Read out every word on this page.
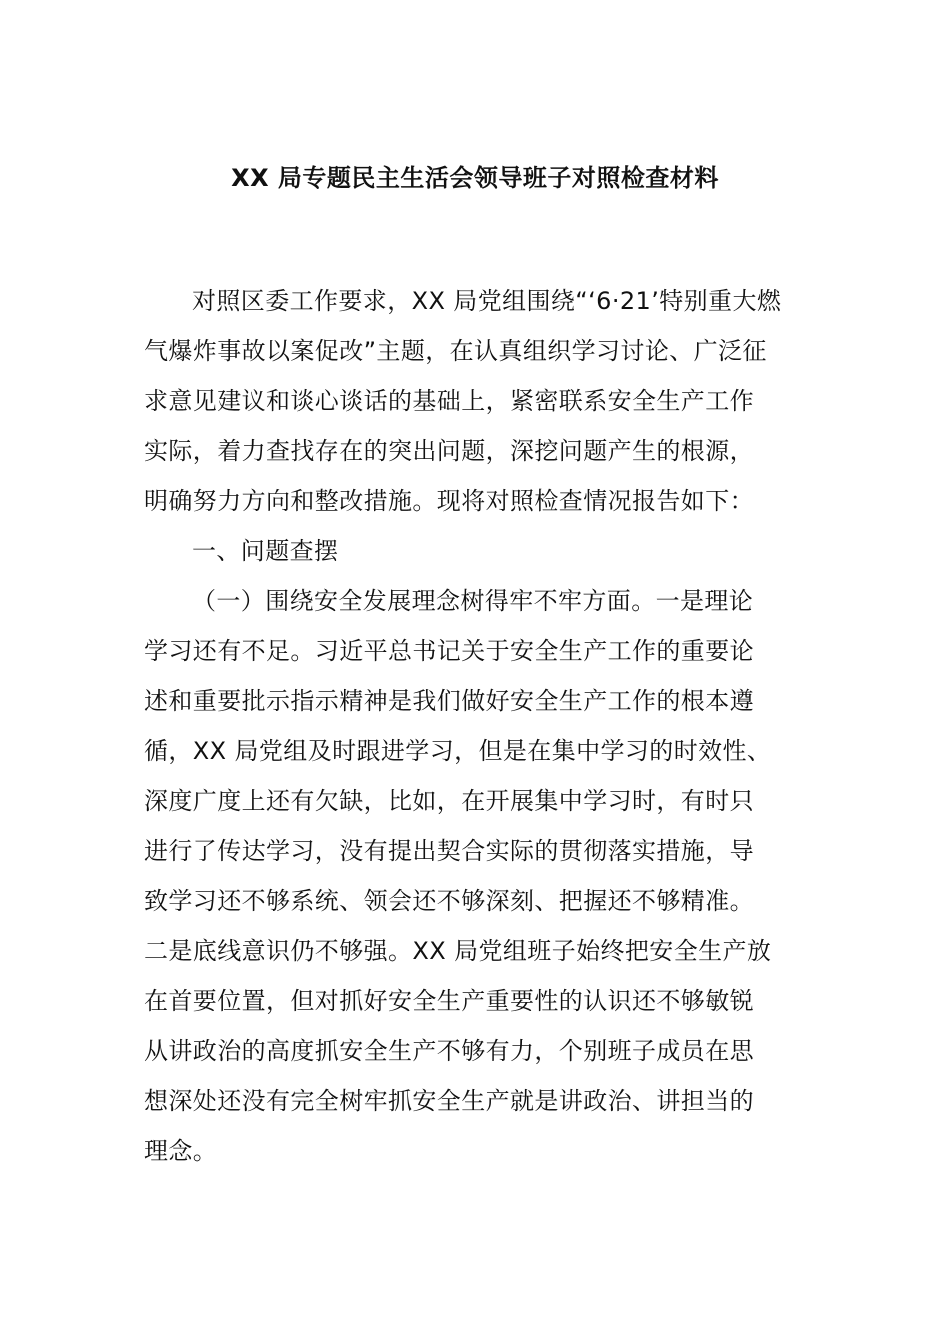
XX 局专题民主生活会领导班子对照检查材料
对照区委工作要求，XX 局党组围绕“‘6·21’特别重大燃
气爆炸事故以案促改”主题，在认真组织学习讨论、广泛征
求意见建议和谈心谈话的基础上，紧密联系安全生产工作
实际，着力查找存在的突出问题，深挖问题产生的根源，
明确努力方向和整改措施。现将对照检查情况报告如下：
一、问题查摆
（一）围绕安全发展理念树得牢不牢方面。一是理论
学习还有不足。习近平总书记关于安全生产工作的重要论
述和重要批示指示精神是我们做好安全生产工作的根本遵
循，XX 局党组及时跟进学习，但是在集中学习的时效性、
深度广度上还有欠缺，比如，在开展集中学习时，有时只
进行了传达学习，没有提出契合实际的贯彻落实措施，导
致学习还不够系统、领会还不够深刻、把握还不够精准。
二是底线意识仍不够强。XX 局党组班子始终把安全生产放
在首要位置，但对抓好安全生产重要性的认识还不够敏锐
从讲政治的高度抓安全生产不够有力，个别班子成员在思
想深处还没有完全树牢抓安全生产就是讲政治、讲担当的
理念。
